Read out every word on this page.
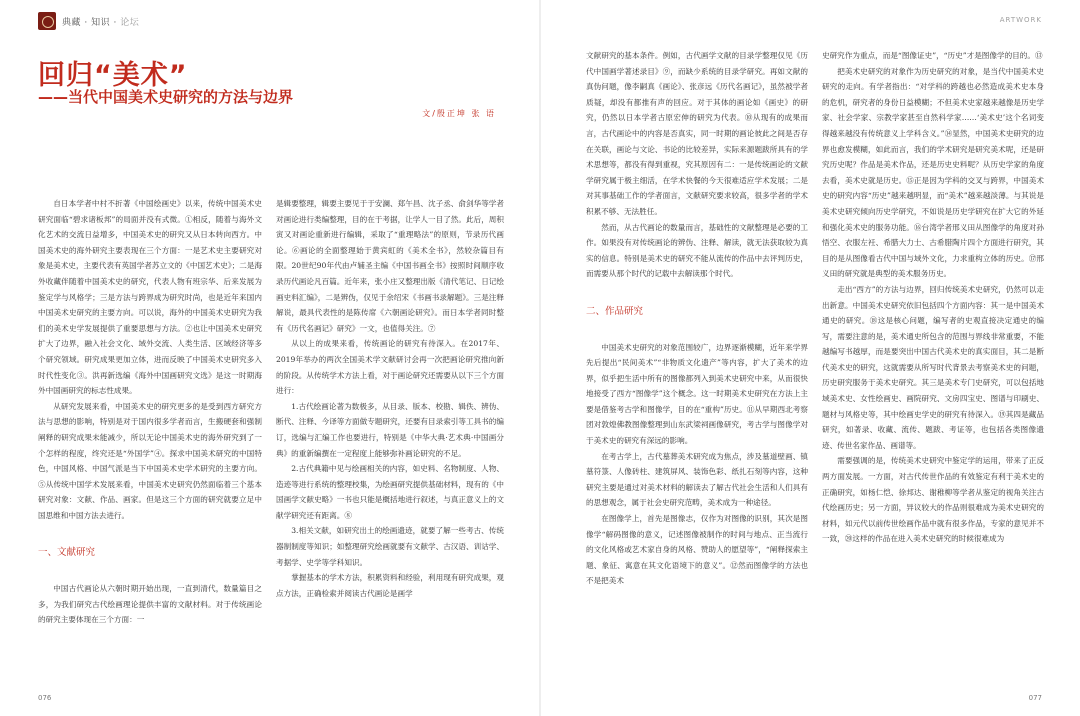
典藏 · 知识 · 论坛
回归“美术”
——当代中国美术史研究的方法与边界
文/殷正坤 张 语

自日本学者中村不折著《中国绘画史》以来，传统中国美术史研究面临“碧求诸板邦”的局面并没有式微。①相反，随着与海外文化艺术的交流日益增多，中国美术史的研究又从日本转向西方。中国美术史的海外研究主要表现在三个方面：一是艺术史主要研究对象是美术史，主要代表有英国学者苏立文的《中国艺术史》；二是海外收藏伴随着中国美术史的研究，代表人物有班宗华、后来发展为鉴定学与风格学；三是方法与跨界成为研究时尚，也是近年来国内中国美术史研究的主要方向。可以说，海外的中国美术史研究为我们的美术史学发展提供了重要思想与方法。②也让中国美术史研究扩大了边界，融入社会文化、域外交流、人类生活、区域经济等多个研究领域。研究成果更加立体，进而反映了中国美术史研究多入时代性变化③。洪再新选编《海外中国画研究文选》是这一时期海外中国画研究的标志性成果。

从研究发展来看，中国美术史的研究更多的是受到西方研究方法与思想的影响，特别是对于国内很多学者而言，生搬硬套和强制阐释的研究成果未能减少，所以无论中国美术史的海外研究到了一个怎样的程度，终究还是“外国学”④。探求中国美术研究的中国特色，中国风格、中国气派是当下中国美术史学术研究的主要方向。⑤从传统中国学术发展来看，中国美术史研究仍然面临着三个基本研究对象：文献、作品、画家。但是这三个方面的研究就要立足中国思维和中国方法去进行。

一、文献研究

中国古代画论从六朝时期开始出现，一直到清代，数量篇目之多，为我们研究古代绘画理论提供丰富的文献材料。对于传统画论的研究主要体现在三个方面：一

是辑要整理，辑要主要见于于安澜、郑午昌、沈子丞、俞剑华等学者对画论进行类编整理，目的在于考据，让学人一目了然。此后，周积寅又对画论重新进行编辑，采取了“重理略法”的原则，节录历代画论。⑥画论的全面整理始于黄宾虹的《美术全书》，然较杂篇目有限。20世纪90年代由卢辅圣主编《中国书画全书》按照时间顺序收录历代画论凡百篇。近年来，张小庄又整理出版《清代笔记、日记绘画史料汇编》，二是辨伪，仅见于余绍宋《书画书录解题》。三是注释解说，最具代表性的是陈传席《六朝画论研究》。而日本学者同时整有《历代名画记》研究》一文，也值得关注。⑦

从以上的成果来看，传统画论的研究有待深入。在2017年、2019年举办的两次全国美术学文献研讨会再一次把画论研究推向新的阶段。从传统学术方法上看，对于画论研究还需要从以下三个方面进行：

1.古代绘画论著为数极多，从目录、版本、校勘、辑佚、辨伪、断代、注释、今译等方面做专题研究，还要有目录索引等工具书的编订，选编与汇编工作也要进行，特别是《中华大典·艺术典·中国画分典》的重新编撰在一定程度上能够弥补画论研究的不足。

2.古代典籍中见与绘画相关的内容，如史料、名物制度、人物、造迹等进行系统的整理校集，为绘画研究提供基础材料，现有的《中国画学文献史略》一书也只能是概括地进行叙述，与真正意义上的文献学研究还有距离。⑧

3.相关文献，如研究出土的绘画遗迹，就要了解一些考古、传统器制制度等知识；如整理研究绘画就要有文献学、古汉语、训诂学、考据学、史学等学科知识。

掌握基本的学术方法，积累资料和经验，利用现有研究成果，观点方法，正确检索并阅读古代画论是画学

076
ARTWORK
077

文献研究的基本条件。例如，古代画学文献的目录学整理仅见《历代中国画学著述录目》⑨，而缺少系统的目录学研究。再如文献的真伪问题，像李嗣真《画论》、张彦远《历代名画记》，虽然被学者质疑，却没有都推有声的回应。对于其体的画论如《画史》的研究，仍然以日本学者古原宏伸的研究为代表。⑩从现有的成果而言，古代画论中的内容是否真实，同一时期的画论彼此之间是否存在关联，画论与文论、书论的比较差异，实际来源题跋所具有的学术思想等，都没有得到重视，究其原因有二：一是传统画论的文献学研究属于极主细活，在学术快餐的今天很难适应学术发展；二是对其事基础工作的学者面言，文献研究要求较高，很多学者的学术积累不够、无法胜任。

然而，从古代画论的数量而言，基础性的文献整理是必要的工作。如果没有对传统画论的辨伪、注释、解读，就无法获取较为真实的信息。特别是美术史的研究不能从流传的作品中去评判历史，而需要从那个时代的记载中去解读那个时代。

二、作品研究

中国美术史研究的对象范围较广，边界逐渐模糊，近年来学界先后提出“民间美术”“非物质文化遗产”等内容，扩大了美术的边界，似乎把生活中所有的图像都列入到美术史研究中来，从而很快地接受了西方“图像学”这个概念。这一时期美术史研究在方法上主要是借鉴考古学和图像学，目的在“重构”历史。⑪从早期西北考察团对敦煌佛教图像整理到山东武梁祠画像研究，考古学与图像学对于美术史的研究有深远的影响。

在考古学上，古代墓葬美术研究成为焦点，涉及墓道壁画、镇墓符箓、人像砖柱、建筑屏风、装饰色彩、纸扎石刻等内容，这种研究主要是通过对美术材料的解读去了解古代社会生活和人们具有的思想观念，属于社会史研究范畴，美术成为一种途径。

在图像学上，首先是图像志，仅作为对图像的识别，其次是图像学“解码图像的意义，记述图像被制作的时间与地点、正当流行的文化风格或艺术家自身的风格、赞助人的愿望等”，“阐释探索主题、象征、寓意在其文化语境下的意义”。⑫然而图像学的方法也不是把美术

史研究作为重点，而是“图像证史”，“历史”才是图像学的目的。⑬

把美术史研究的对象作为历史研究的对象，是当代中国美术史研究的走向。有学者指出：“对学科的跨越也必然造成美术史本身的危机，研究者的身份日益模糊；不但美术史家越来越像是历史学家、社会学家、宗教学家甚至自然科学家……‘美术史’这个名词变得越来越没有传统意义上学科含义。”⑭显然，中国美术史研究的边界也愈发模糊，如此而言，我们的学术研究是研究美术呢，还是研究历史呢？作品是美术作品，还是历史史料呢？从历史学家的角度去看，美术史就是历史。⑮正是因为学科的交叉与跨界，中国美术史的研究内容“历史”越来越明显，而“美术”越来越淡薄。与其说是美术史研究倾向历史学研究，不如说是历史学研究在扩大它的外延和强化美术史的服务功能。⑯台湾学者邢义田从图像学的角度对孙悟空、衣服左衽、希腊大力士、古希腊陶片四个方面进行研究，其目的是从图像看古代中国与域外文化，力求重构立体的历史。⑰邢义田的研究就是典型的美术服务历史。

走出“西方”的方法与边界，回归传统美术史研究，仍然可以走出新意。中国美术史研究依旧包括四个方面内容：其一是中国美术通史的研究。⑱这是核心问题，编写者的史观直接决定通史的编写，需要注意的是，美术通史所包含的范围与界线非常重要，不能越编写书越厚，而是要突出中国古代美术史的真实面目，其二是断代美术史的研究，这就需要从所写时代背景去考察美术史的问题，历史研究服务于美术史研究。其三是美术专门史研究，可以包括地域美术史、女性绘画史、画院研究、文房四宝史、图谱与印刷史、题材与风格史等，其中绘画史学史的研究有待深入。⑲其四是藏品研究，如著录、收藏、流传、题跋、考证等，也包括各类图像遗迹、传世名家作品、画谱等。

需要强调的是，传统美术史研究中鉴定学的运用，带来了正反两方面发展。一方面，对古代传世作品的有效鉴定有利于美术史的正确研究，如杨仁恺、徐邦达、谢稚柳等学者从鉴定的视角关注古代绘画历史；另一方面，异议较大的作品则很难成为美术史研究的材料，如元代以前传世绘画作品中就有很多作品，专家的意见并不一致，⑳这样的作品在进入美术史研究的时候很难成为
